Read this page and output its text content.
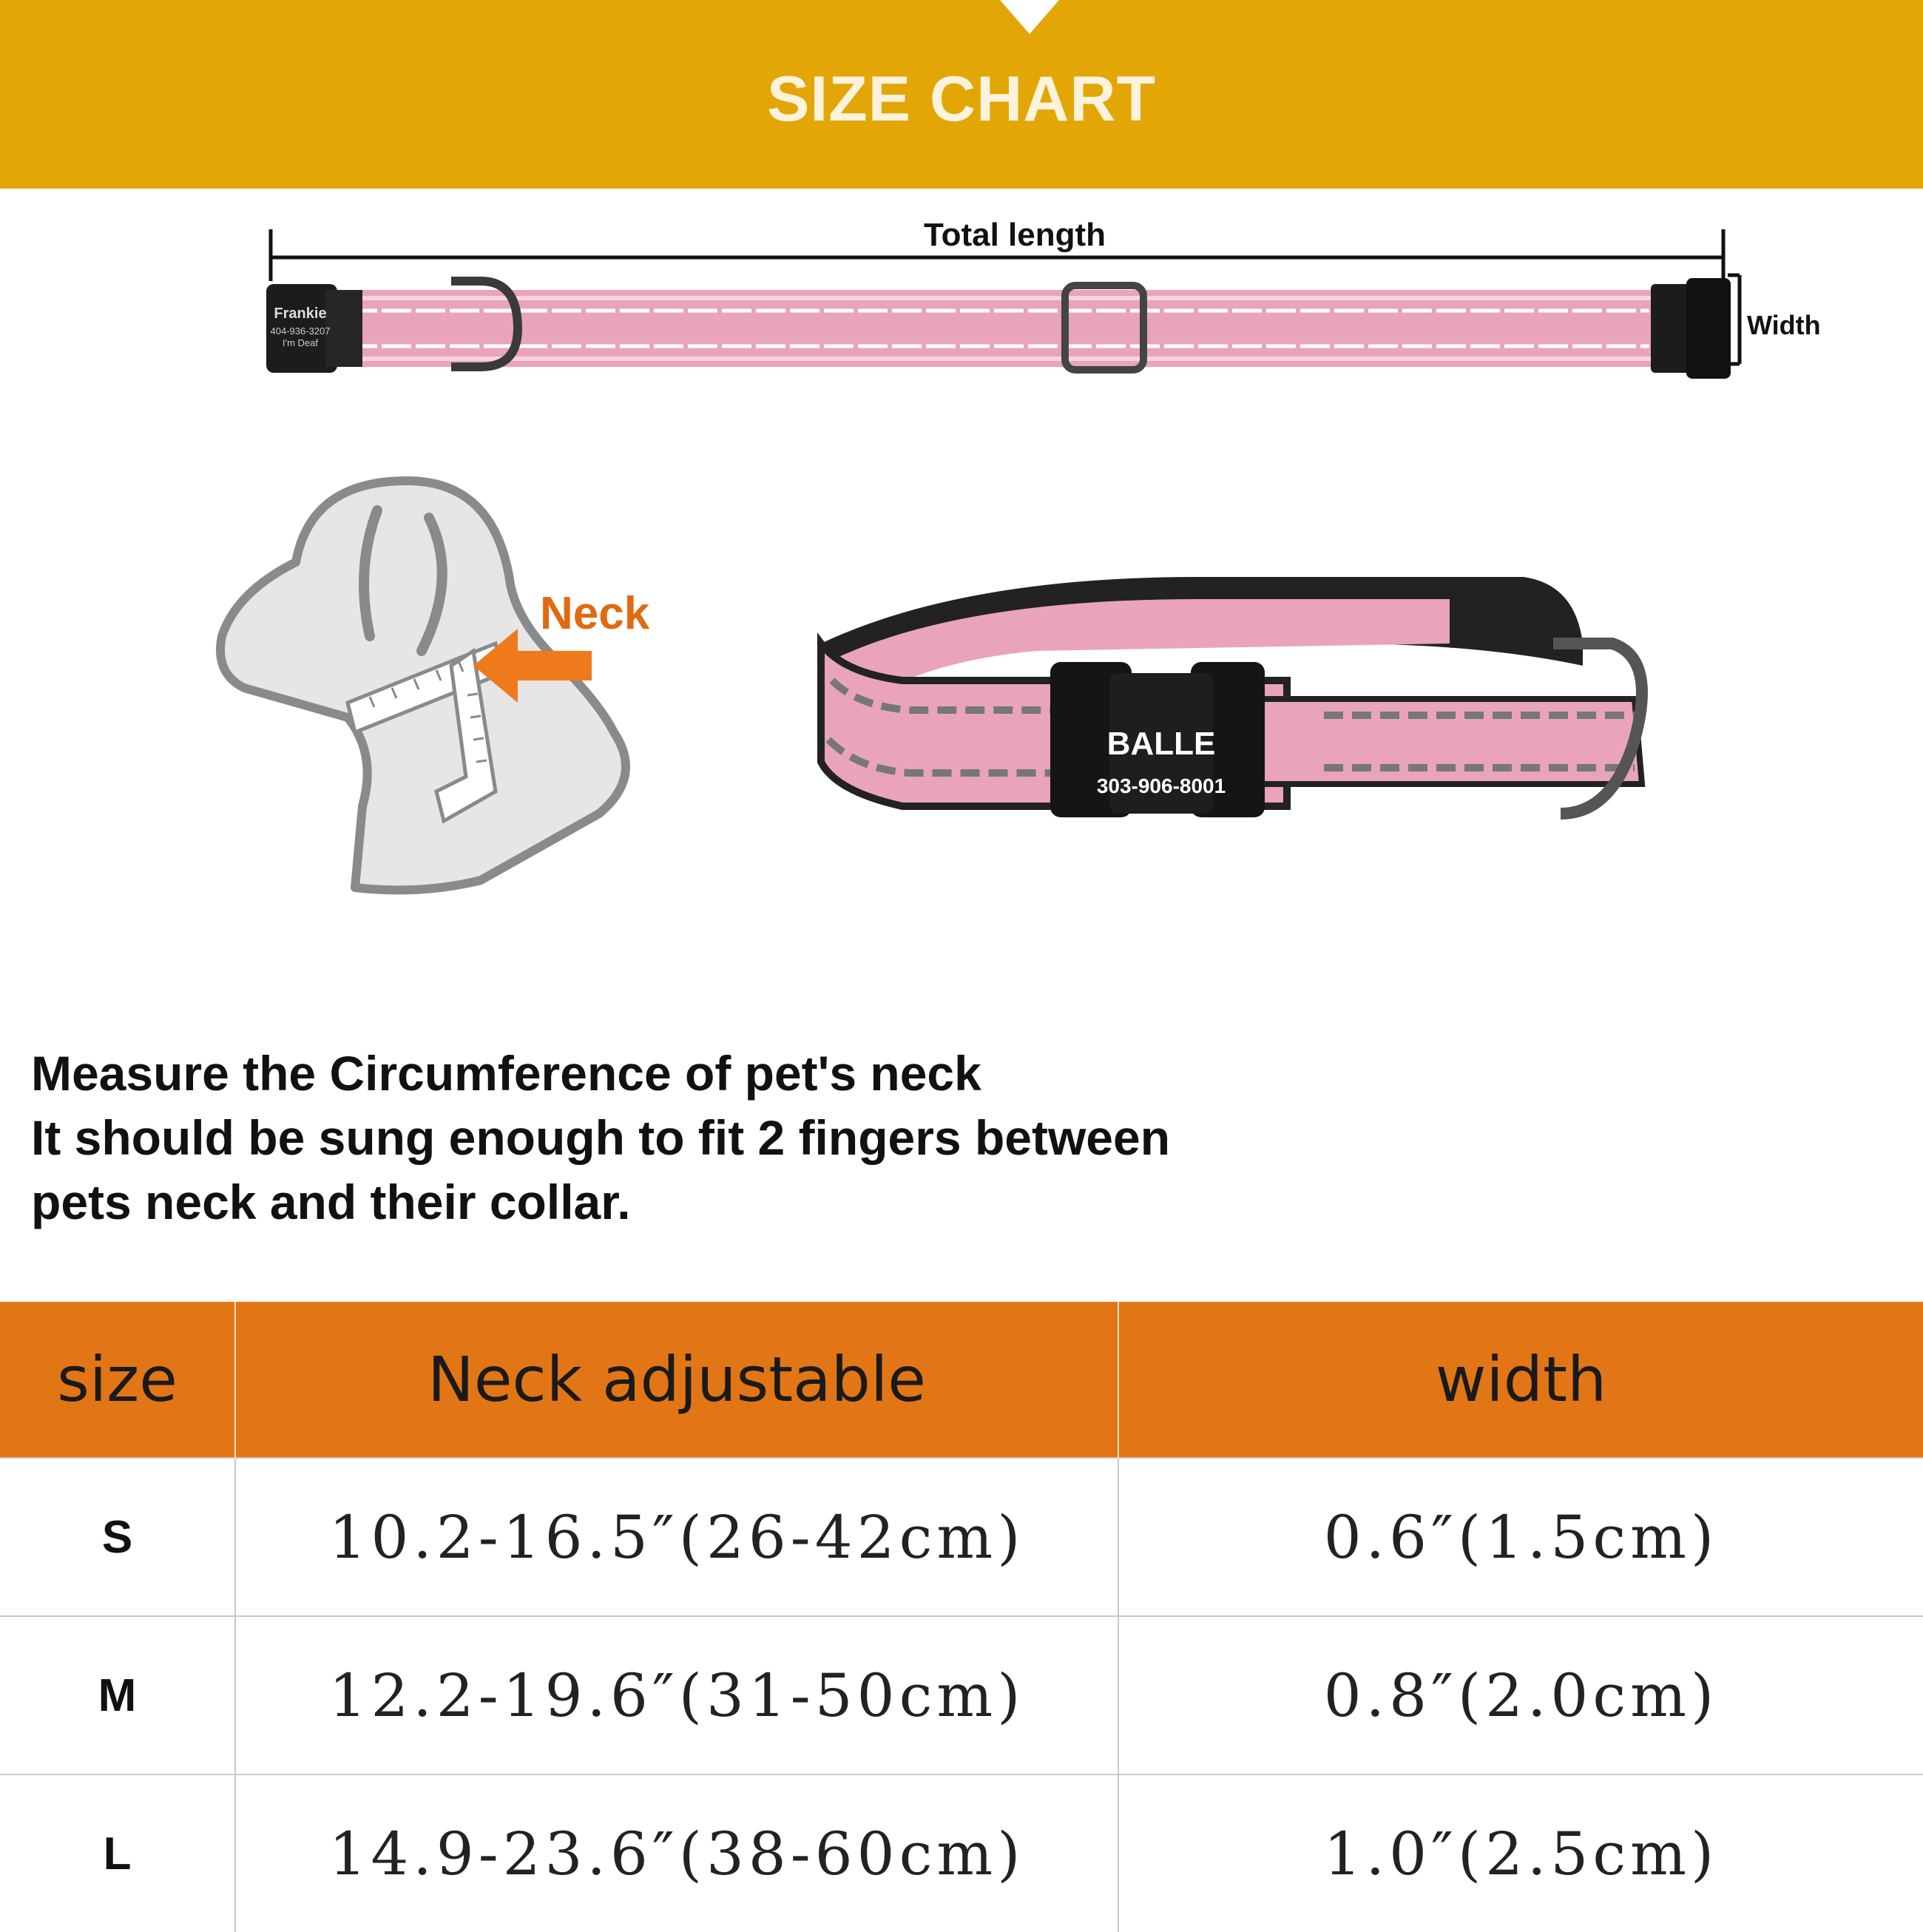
SIZE CHART
Total length
Frankie
404-936-3207
I'm Deaf
Width
Neck
BALLE
303-906-8001
Measure the Circumference of pet's neck
It should be sung enough to fit 2 fingers between
pets neck and their collar.
size	Neck adjustable	width
S	10.2-16.5″(26-42cm)	0.6″(1.5cm)
M	12.2-19.6″(31-50cm)	0.8″(2.0cm)
L	14.9-23.6″(38-60cm)	1.0″(2.5cm)
